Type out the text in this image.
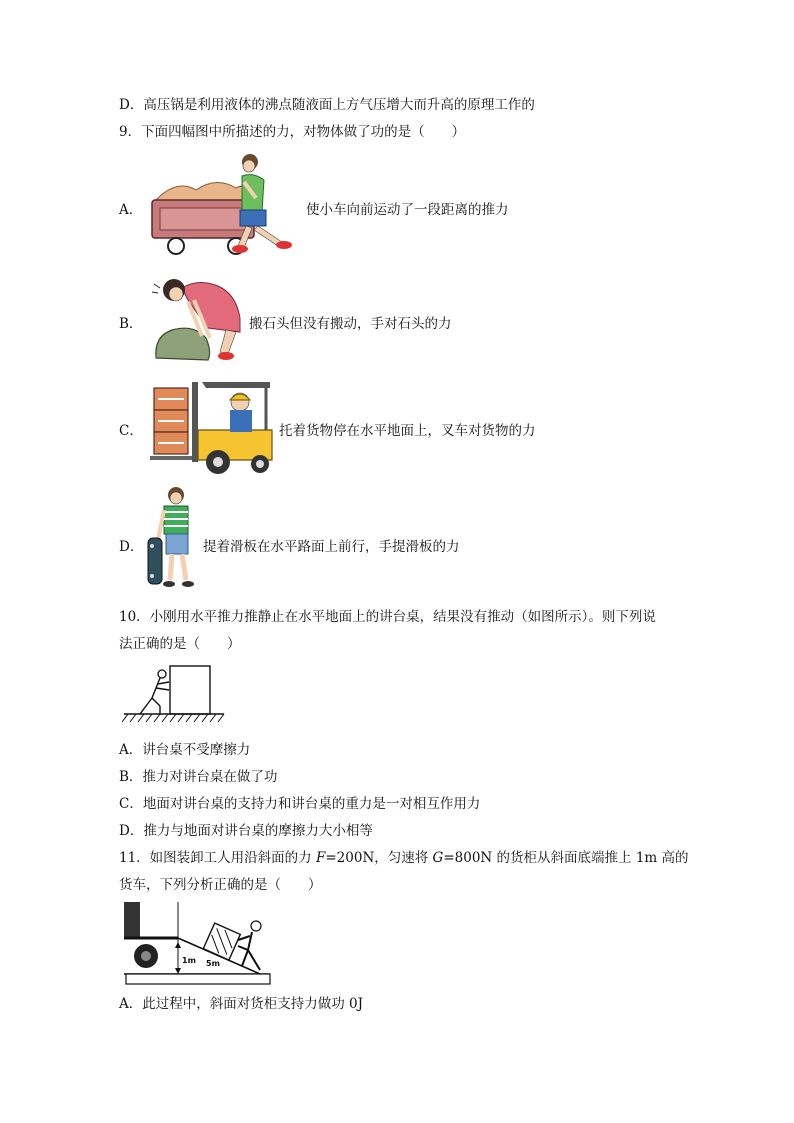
D．高压锅是利用液体的沸点随液面上方气压增大而升高的原理工作的
9．下面四幅图中所描述的力，对物体做了功的是（　　）
A．	使小车向前运动了一段距离的推力
B．	搬石头但没有搬动，手对石头的力
C．	托着货物停在水平地面上，叉车对货物的力
D．	提着滑板在水平路面上前行，手提滑板的力
10．小刚用水平推力推静止在水平地面上的讲台桌，结果没有推动（如图所示）。则下列说
法正确的是（　　）
A．讲台桌不受摩擦力
B．推力对讲台桌在做了功
C．地面对讲台桌的支持力和讲台桌的重力是一对相互作用力
D．推力与地面对讲台桌的摩擦力大小相等
11．如图装卸工人用沿斜面的力 F=200N，匀速将 G=800N 的货柜从斜面底端推上 1m 高的
货车，下列分析正确的是（　　）
1m 5m
A．此过程中，斜面对货柜支持力做功 0J
